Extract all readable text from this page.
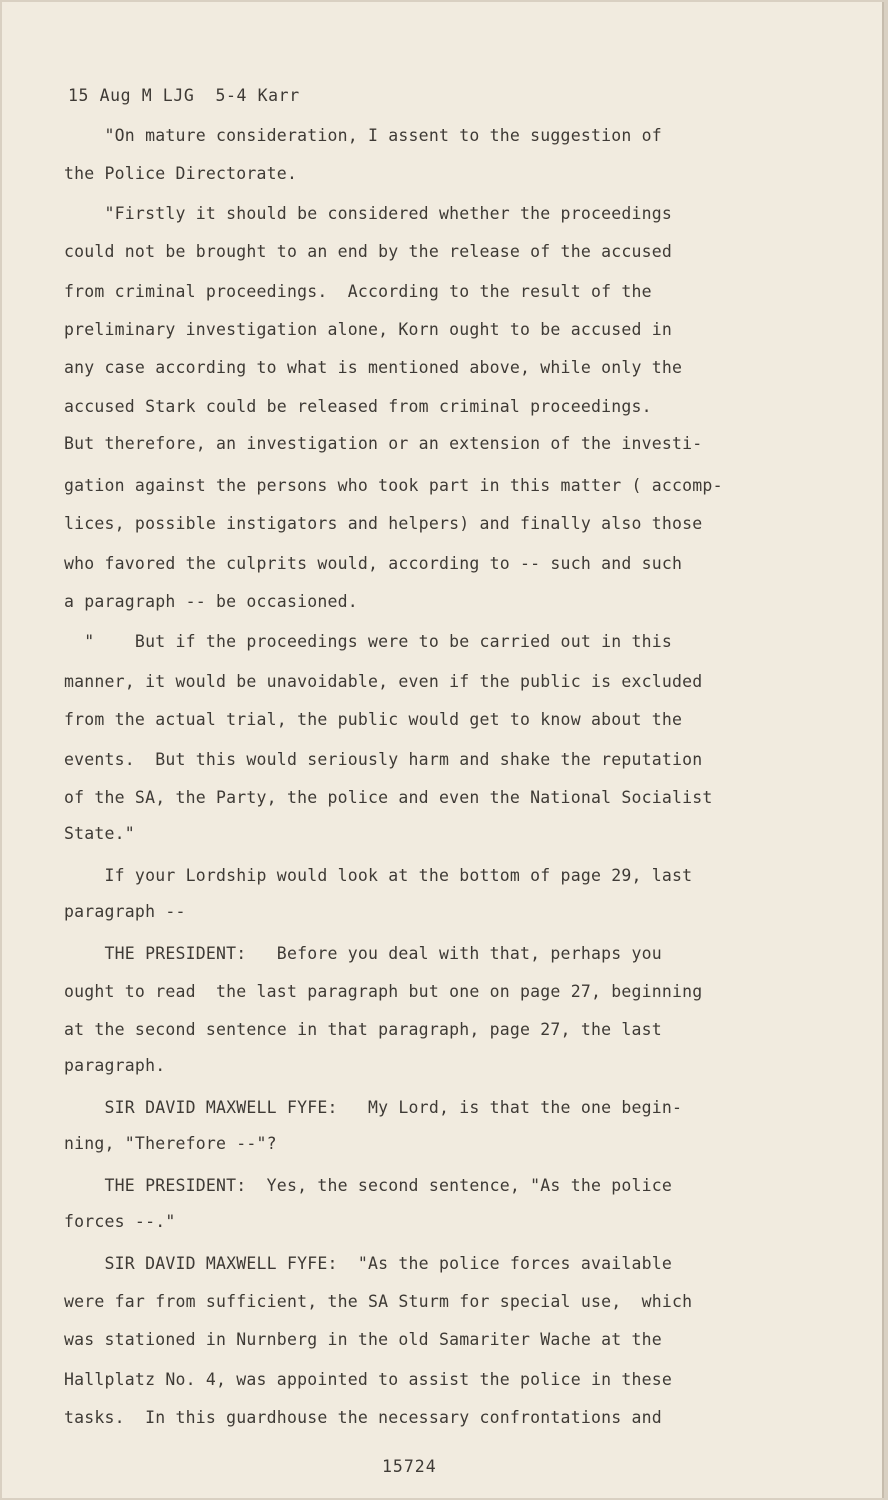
15 Aug M LJG  5-4 Karr
"On mature consideration, I assent to the suggestion of
the Police Directorate.
"Firstly it should be considered whether the proceedings
could not be brought to an end by the release of the accused
from criminal proceedings.  According to the result of the
preliminary investigation alone, Korn ought to be accused in
any case according to what is mentioned above, while only the
accused Stark could be released from criminal proceedings.
But therefore, an investigation or an extension of the investi-
gation against the persons who took part in this matter ( accomp-
lices, possible instigators and helpers) and finally also those
who favored the culprits would, according to -- such and such
a paragraph -- be occasioned.
"    But if the proceedings were to be carried out in this
manner, it would be unavoidable, even if the public is excluded
from the actual trial, the public would get to know about the
events.  But this would seriously harm and shake the reputation
of the SA, the Party, the police and even the National Socialist
State."
If your Lordship would look at the bottom of page 29, last
paragraph --
THE PRESIDENT:   Before you deal with that, perhaps you
ought to read  the last paragraph but one on page 27, beginning
at the second sentence in that paragraph, page 27, the last
paragraph.
SIR DAVID MAXWELL FYFE:   My Lord, is that the one begin-
ning, "Therefore --"?
THE PRESIDENT:  Yes, the second sentence, "As the police
forces --."
SIR DAVID MAXWELL FYFE:  "As the police forces available
were far from sufficient, the SA Sturm for special use,  which
was stationed in Nurnberg in the old Samariter Wache at the
Hallplatz No. 4, was appointed to assist the police in these
tasks.  In this guardhouse the necessary confrontations and
15724
